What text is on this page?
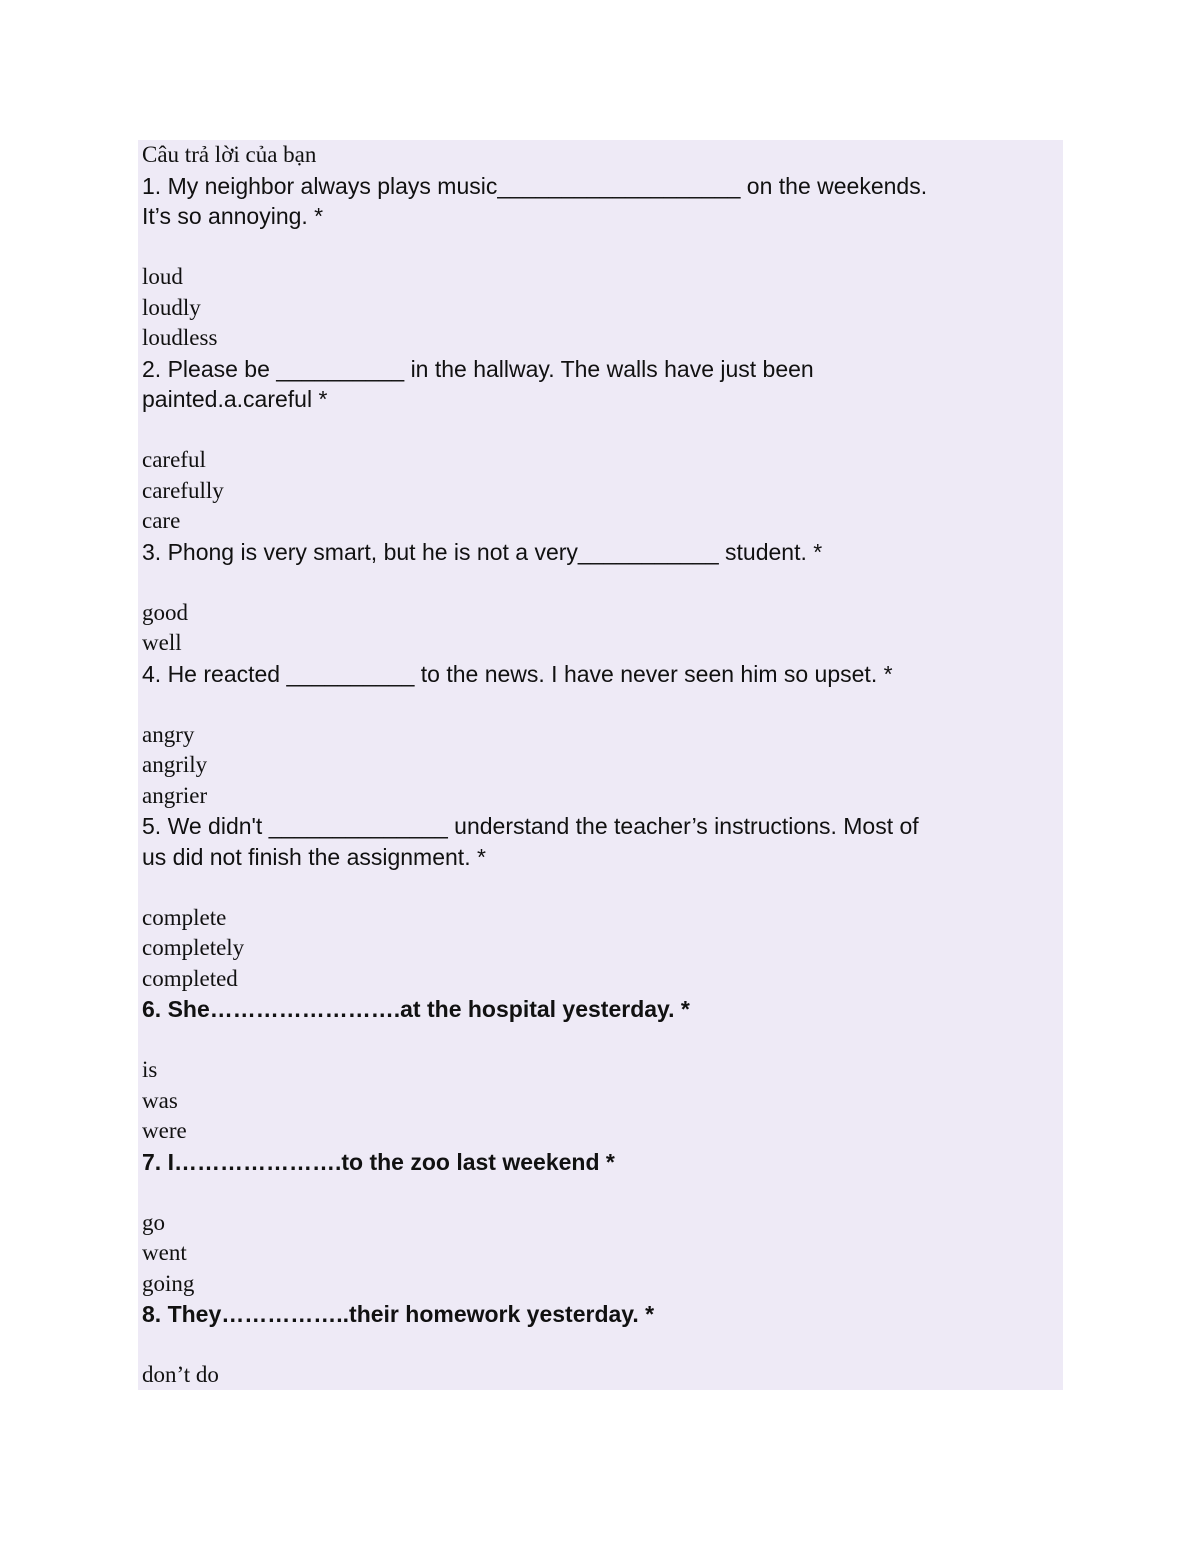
Câu trả lời của bạn
1. My neighbor always plays music___________________ on the weekends.
It’s so annoying. *
loud
loudly
loudless
2. Please be __________ in the hallway. The walls have just been
painted.a.careful *
careful
carefully
care
3. Phong is very smart, but he is not a very___________ student. *
good
well
4. He reacted __________ to the news. I have never seen him so upset. *
angry
angrily
angrier
5. We didn't ______________ understand the teacher’s instructions. Most of
us did not finish the assignment. *
complete
completely
completed
6. She…………………….at the hospital yesterday. *
is
was
were
7. I………………….to the zoo last weekend *
go
went
going
8. They……………..their homework yesterday. *
don’t do
